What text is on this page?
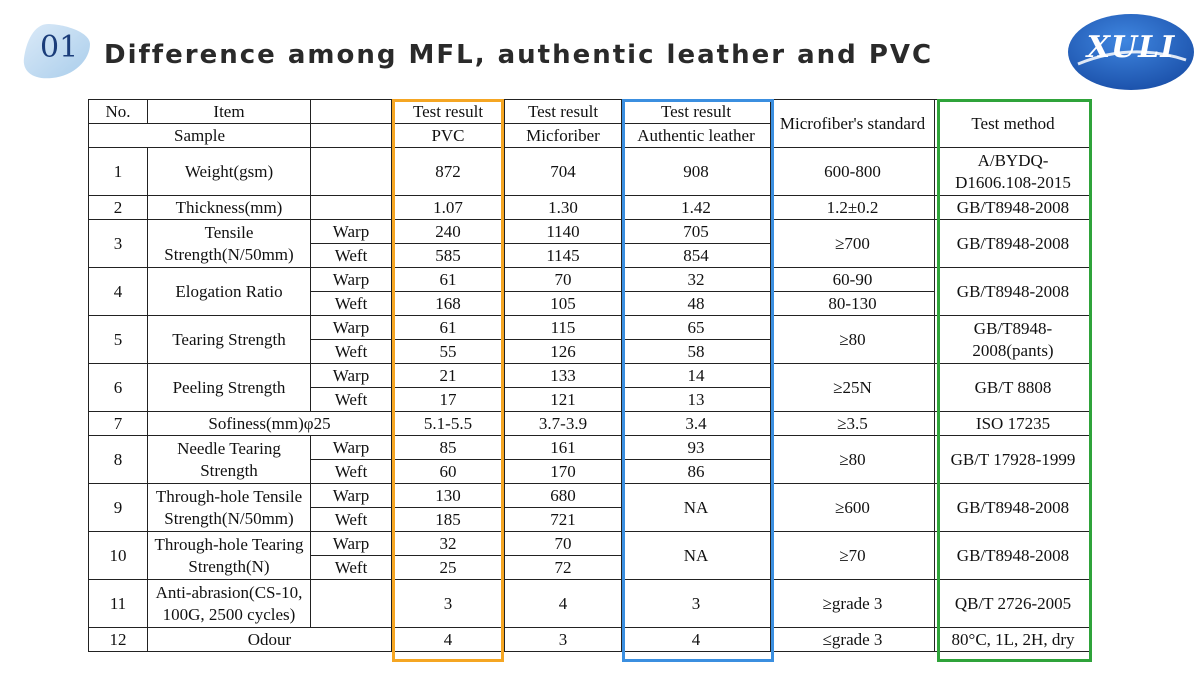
01 Difference among MFL, authentic leather and PVC	XULI
No.	Item		Test result	Test result	Test result	Microfiber's standard	Test method
Sample			PVC	Micforiber	Authentic leather		
1	Weight(gsm)		872	704	908	600-800	A/BYDQ-D1606.108-2015
2	Thickness(mm)		1.07	1.30	1.42	1.2±0.2	GB/T8948-2008
3	Tensile Strength(N/50mm)	Warp	240	1140	705	≥700	GB/T8948-2008
		Weft	585	1145	854		
4	Elogation Ratio	Warp	61	70	32	60-90	GB/T8948-2008
		Weft	168	105	48	80-130	
5	Tearing Strength	Warp	61	115	65	≥80	GB/T8948-2008(pants)
		Weft	55	126	58		
6	Peeling Strength	Warp	21	133	14	≥25N	GB/T 8808
		Weft	17	121	13		
7	Sofiness(mm)φ25		5.1-5.5	3.7-3.9	3.4	≥3.5	ISO 17235
8	Needle Tearing Strength	Warp	85	161	93	≥80	GB/T 17928-1999
		Weft	60	170	86		
9	Through-hole Tensile Strength(N/50mm)	Warp	130	680	NA	≥600	GB/T8948-2008
		Weft	185	721			
10	Through-hole Tearing Strength(N)	Warp	32	70	NA	≥70	GB/T8948-2008
		Weft	25	72			
11	Anti-abrasion(CS-10, 100G, 2500 cycles)		3	4	3	≥grade 3	QB/T 2726-2005
12	Odour		4	3	4	≤grade 3	80°C, 1L, 2H, dry
